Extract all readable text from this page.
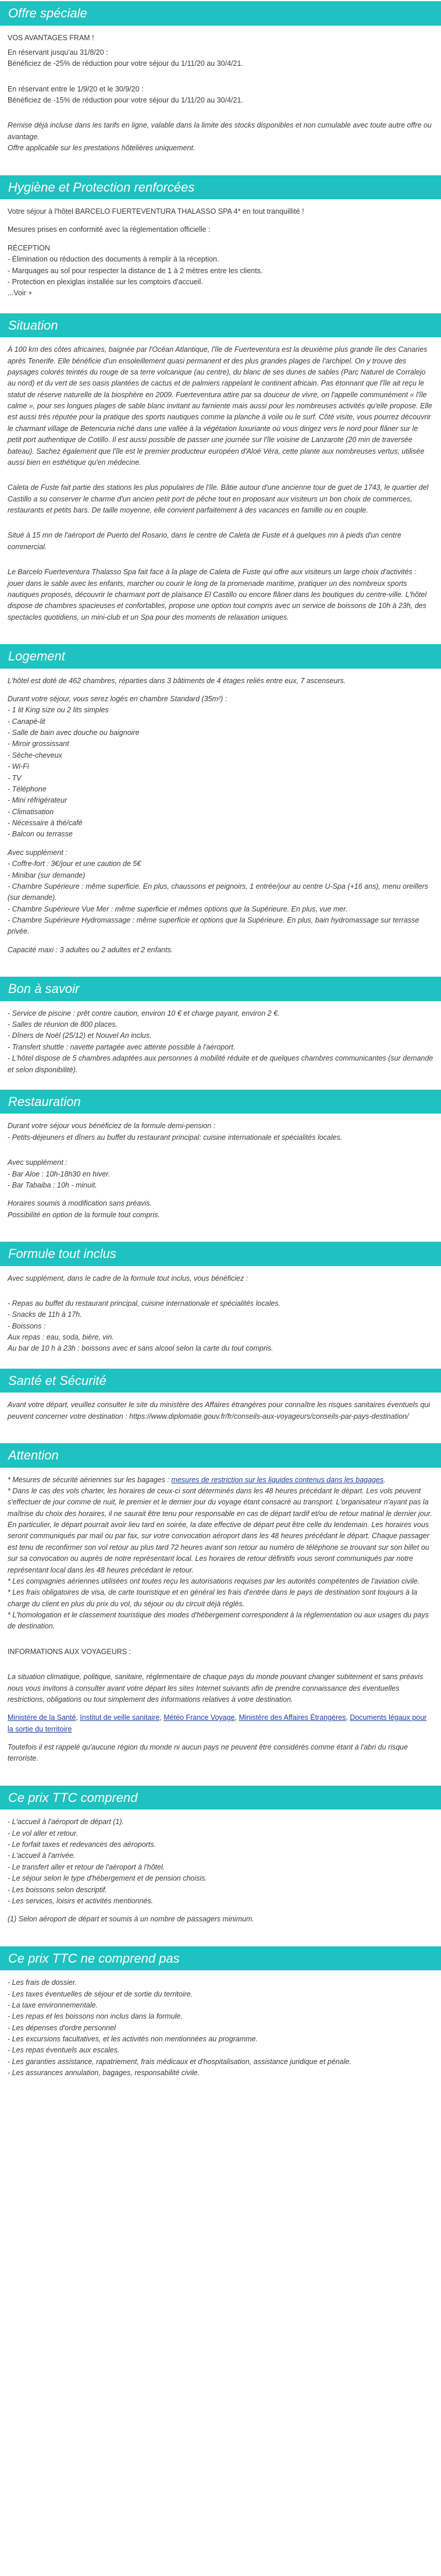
Offre spéciale

VOS AVANTAGES FRAM !

En réservant jusqu'au 31/8/20 :

Bénéficiez de -25% de réduction pour votre séjour du 1/11/20 au 30/4/21.

En réservant entre le 1/9/20 et le 30/9/20 :

Bénéficiez de -15% de réduction pour votre séjour du 1/11/20 au 30/4/21.

Remise déjà incluse dans les tarifs en ligne, valable dans la limite des stocks disponibles et non cumulable avec toute autre offre ou avantage.

Offre applicable sur les prestations hôtelières uniquement.

Hygiène et Protection renforcées

Votre séjour à l'hôtel BARCELO FUERTEVENTURA THALASSO SPA 4* en tout tranquillité !

Mesures prises en conformité avec la réglementation officielle :

RÉCEPTION
- Élimination ou réduction des documents à remplir à la réception.
- Marquages au sol pour respecter la distance de 1 à 2 mètres entre les clients.
- Protection en plexiglas installée sur les comptoirs d'accueil.
...Voir +
Situation

À 100 km des côtes africaines, baignée par l'Océan Atlantique, l'île de Fuerteventura est la deuxième plus grande île des Canaries après Tenerife. Elle bénéficie d'un ensoleillement quasi permanent et des plus grandes plages de l'archipel. On y trouve des paysages colorés teintés du rouge de sa terre volcanique (au centre), du blanc de ses dunes de sables (Parc Naturel de Corralejo au nord) et du vert de ses oasis plantées de cactus et de palmiers rappelant le continent africain. Pas étonnant que l'île ait reçu le statut de réserve naturelle de la biosphère en 2009. Fuerteventura attire par sa douceur de vivre, on l'appelle communément « l'île calme », pour ses longues plages de sable blanc invitant au farniente mais aussi pour les nombreuses activités qu'elle propose. Elle est aussi très réputée pour la pratique des sports nautiques comme la planche à voile ou le surf. Côté visite, vous pourrez découvrir le charmant village de Betencuria niché dans une vallée à la végétation luxuriante où vous dirigez vers le nord pour flâner sur le petit port authentique de Cotillo. Il est aussi possible de passer une journée sur l'île voisine de Lanzarote (20 min de traversée bateau). Sachez également que l'île est le premier producteur européen d'Aloé Véra, cette plante aux nombreuses vertus, utilisée aussi bien en esthétique qu'en médecine.

Caleta de Fuste fait partie des stations les plus populaires de l'île. Bâtie autour d'une ancienne tour de guet de 1743, le quartier del Castillo a su conserver le charme d'un ancien petit port de pêche tout en proposant aux visiteurs un bon choix de commerces, restaurants et petits bars. De taille moyenne, elle convient parfaitement à des vacances en famille ou en couple.

Situé à 15 mn de l'aéroport de Puerto del Rosario, dans le centre de Caleta de Fuste et à quelques mn à pieds d'un centre commercial.

Le Barcelo Fuerteventura Thalasso Spa fait face à la plage de Caleta de Fuste qui offre aux visiteurs un large choix d'activités : jouer dans le sable avec les enfants, marcher ou courir le long de la promenade maritime, pratiquer un des nombreux sports nautiques proposés, découvrir le charmant port de plaisance El Castillo ou encore flâner dans les boutiques du centre-ville. L'hôtel dispose de chambres spacieuses et confortables, propose une option tout compris avec un service de boissons de 10h à 23h, des spectacles quotidiens, un mini-club et un Spa pour des moments de relaxation uniques.

Logement

L'hôtel est doté de 462 chambres, réparties dans 3 bâtiments de 4 étages reliés entre eux, 7 ascenseurs.

Durant votre séjour, vous serez logés en chambre Standard (35m²) :

- 1 lit King size ou 2 lits simples
- Canapé-lit
- Salle de bain avec douche ou baignoire
- Miroir grossissant
- Sèche-cheveux
- Wi-Fi
- TV
- Téléphone
- Mini réfrigérateur
- Climatisation
- Nécessaire à thé/café
- Balcon ou terrasse

Avec supplément :

- Coffre-fort : 3€/jour et une caution de 5€
- Minibar (sur demande)
- Chambre Supérieure : même superficie. En plus, chaussons et peignoirs, 1 entrée/jour au centre U-Spa (+16 ans), menu oreillers (sur demande).
- Chambre Supérieure Vue Mer : même superficie et mêmes options que la Supérieure. En plus, vue mer.
- Chambre Supérieure Hydromassage : même superficie et options que la Supérieure. En plus, bain hydromassage sur terrasse privée.

Capacité maxi : 3 adultes ou 2 adultes et 2 enfants.

Bon à savoir
- Service de piscine : prêt contre caution, environ 10 € et charge payant, environ 2 €.
- Salles de réunion de 800 places.
- Dîners de Noël (25/12) et Nouvel An inclus.
- Transfert shuttle : navette partagée avec attente possible à l'aéroport.
- L'hôtel dispose de 5 chambres adaptées aux personnes à mobilité réduite et de quelques chambres communicantes (sur demande et selon disponibilité).
Restauration

Durant votre séjour vous bénéficiez de la formule demi-pension :

- Petits-déjeuners et dîners au buffet du restaurant principal: cuisine internationale et spécialités locales.

Avec supplément :

- Bar Aloe : 10h-18h30 en hiver.
- Bar Tabaiba : 10h - minuit.

Horaires soumis à modification sans préavis.

Possibilité en option de la formule tout compris.

Formule tout inclus

Avec supplément, dans le cadre de la formule tout inclus, vous bénéficiez :

- Repas au buffet du restaurant principal, cuisine internationale et spécialités locales.
- Snacks de 11h à 17h.
- Boissons :
Aux repas : eau, soda, bière, vin.
Au bar de 10 h à 23h : boissons avec et sans alcool selon la carte du tout compris.
Santé et Sécurité

Avant votre départ, veuillez consulter le site du ministère des Affaires étrangères pour connaître les risques sanitaires éventuels qui peuvent concerner votre destination : https://www.diplomatie.gouv.fr/fr/conseils-aux-voyageurs/conseils-par-pays-destination/

Attention

* Mesures de sécurité aériennes sur les bagages : mesures de restriction sur les liquides contenus dans les bagages.

* Dans le cas des vols charter, les horaires de ceux-ci sont déterminés dans les 48 heures précédant le départ. Les vols peuvent s'effectuer de jour comme de nuit, le premier et le dernier jour du voyage étant consacré au transport. L'organisateur n'ayant pas la maîtrise du choix des horaires, il ne saurait être tenu pour responsable en cas de départ tardif et/ou de retour matinal le dernier jour. En particulier, le départ pourrait avoir lieu tard en soirée, la date effective de départ peut être celle du lendemain. Les horaires vous seront communiqués par mail ou par fax, sur votre convocation aéroport dans les 48 heures précédant le départ. Chaque passager est tenu de reconfirmer son vol retour au plus tard 72 heures avant son retour au numéro de téléphone se trouvant sur son billet ou sur sa convocation ou auprès de notre représentant local. Les horaires de retour définitifs vous seront communiqués par notre représentant local dans les 48 heures précédant le retour.

* Les compagnies aériennes utilisées ont toutes reçu les autorisations requises par les autorités compétentes de l'aviation civile.

* Les frais obligatoires de visa, de carte touristique et en général les frais d'entrée dans le pays de destination sont toujours à la charge du client en plus du prix du vol, du séjour ou du circuit déjà réglés.

* L'homologation et le classement touristique des modes d'hébergement correspondent à la réglementation ou aux usages du pays de destination.

INFORMATIONS AUX VOYAGEURS :

La situation climatique, politique, sanitaire, réglementaire de chaque pays du monde pouvant changer subitement et sans préavis nous vous invitons à consulter avant votre départ les sites Internet suivants afin de prendre connaissance des éventuelles restrictions, obligations ou tout simplement des informations relatives à votre destination.

Ministère de la Santé, Institut de veille sanitaire, Météo France Voyage, Ministère des Affaires Étrangères, Documents légaux pour la sortie du territoire

Toutefois il est rappelé qu'aucune région du monde ni aucun pays ne peuvent être considérés comme étant à l'abri du risque terroriste.

Ce prix TTC comprend
- L'accueil à l'aéroport de départ (1).
- Le vol aller et retour.
- Le forfait taxes et redevances des aéroports.
- L'accueil à l'arrivée.
- Le transfert aller et retour de l'aéroport à l'hôtel.
- Le séjour selon le type d'hébergement et de pension choisis.
- Les boissons selon descriptif.
- Les services, loisirs et activités mentionnés.

(1) Selon aéroport de départ et soumis à un nombre de passagers minimum.

Ce prix TTC ne comprend pas
- Les frais de dossier.
- Les taxes éventuelles de séjour et de sortie du territoire.
- La taxe environnementale.
- Les repas et les boissons non inclus dans la formule.
- Les dépenses d'ordre personnel
- Les excursions facultatives, et les activités non mentionnées au programme.
- Les repas éventuels aux escales.
- Les garanties assistance, rapatriement, frais médicaux et d'hospitalisation, assistance juridique et pénale.
- Les assurances annulation, bagages, responsabilité civile.
